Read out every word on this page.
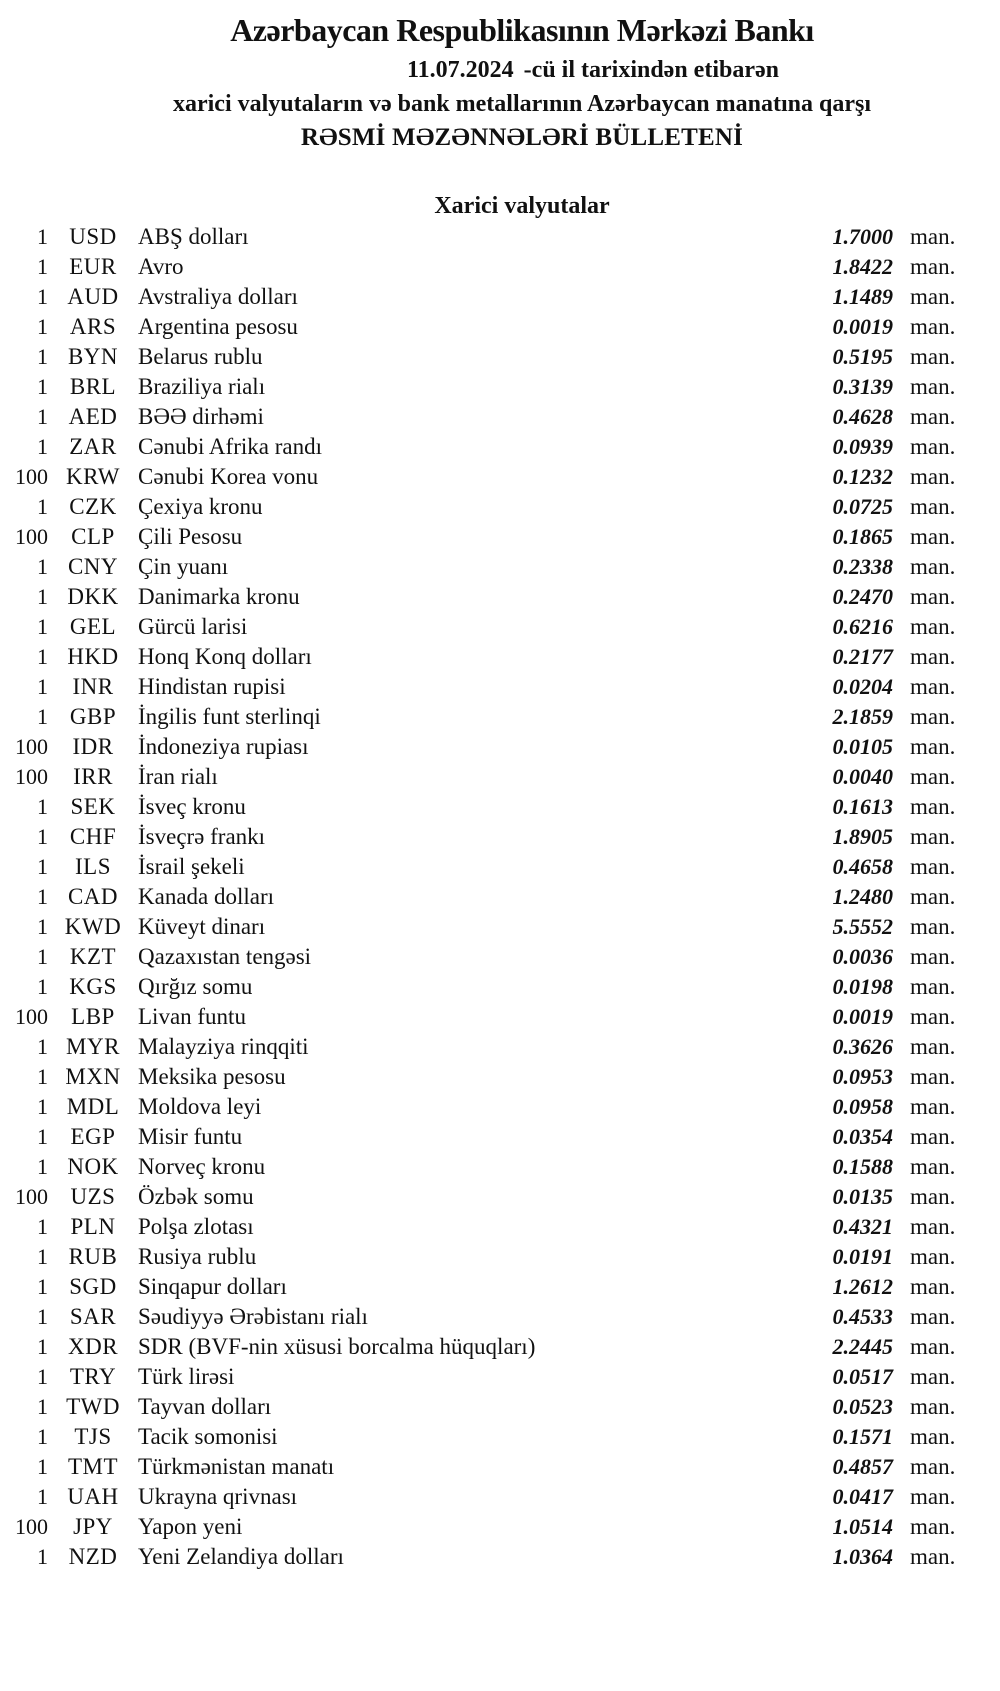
Azərbaycan Respublikasının Mərkəzi Bankı
11.07.2024 -cü il tarixindən etibarən
xarici valyutaların və bank metallarının Azərbaycan manatına qarşı
RƏSMİ MƏZƏNNƏLƏRİ BÜLLETENİ
Xarici valyutalar
1 USD ABŞ dolları	1.7000 man.
1 EUR Avro	1.8422 man.
1 AUD Avstraliya dolları	1.1489 man.
1 ARS Argentina pesosu	0.0019 man.
1 BYN Belarus rublu	0.5195 man.
1 BRL Braziliya rialı	0.3139 man.
1 AED BƏƏ dirhəmi	0.4628 man.
1 ZAR Cənubi Afrika randı	0.0939 man.
100 KRW Cənubi Korea vonu	0.1232 man.
1 CZK Çexiya kronu	0.0725 man.
100	CLP	Çili Pesosu	0.1865 man.
1 CNY Çin yuanı	0.2338 man.
1 DKK Danimarka kronu	0.2470 man.
1 GEL Gürcü larisi	0.6216 man.
1 HKD Honq Konq dolları	0.2177 man.
1	INR	Hindistan rupisi	0.0204 man.
1 GBP İngilis funt sterlinqi	2.1859 man.
100	IDR	İndoneziya rupiası	0.0105 man.
100	IRR	İran rialı	0.0040 man.
1 SEK İsveç kronu	0.1613 man.
1 CHF İsveçrə frankı	1.8905 man.
1	ILS	İsrail şekeli	0.4658 man.
1 CAD Kanada dolları	1.2480 man.
1 KWD Küveyt dinarı	5.5552 man.
1 KZT Qazaxıstan tengəsi	0.0036 man.
1 KGS Qırğız somu	0.0198 man.
100	LBP	Livan funtu	0.0019 man.
1 MYR Malayziya rinqqiti	0.3626 man.
1 MXN Meksika pesosu	0.0953 man.
1 MDL Moldova leyi	0.0958 man.
1 EGP Misir funtu	0.0354 man.
1 NOK Norveç kronu	0.1588 man.
100 UZS Özbək somu	0.0135 man.
1 PLN Polşa zlotası	0.4321 man.
1 RUB Rusiya rublu	0.0191 man.
1 SGD Sinqapur dolları	1.2612 man.
1 SAR Səudiyyə Ərəbistanı rialı	0.4533 man.
1 XDR SDR (BVF-nin xüsusi borcalma hüquqları)	2.2445 man.
1 TRY Türk lirəsi	0.0517 man.
1 TWD Tayvan dolları	0.0523 man.
1	TJS	Tacik somonisi	0.1571 man.
1 TMT Türkmənistan manatı	0.4857 man.
1 UAH Ukrayna qrivnası	0.0417 man.
100	JPY	Yapon yeni	1.0514 man.
1 NZD Yeni Zelandiya dolları	1.0364 man.
